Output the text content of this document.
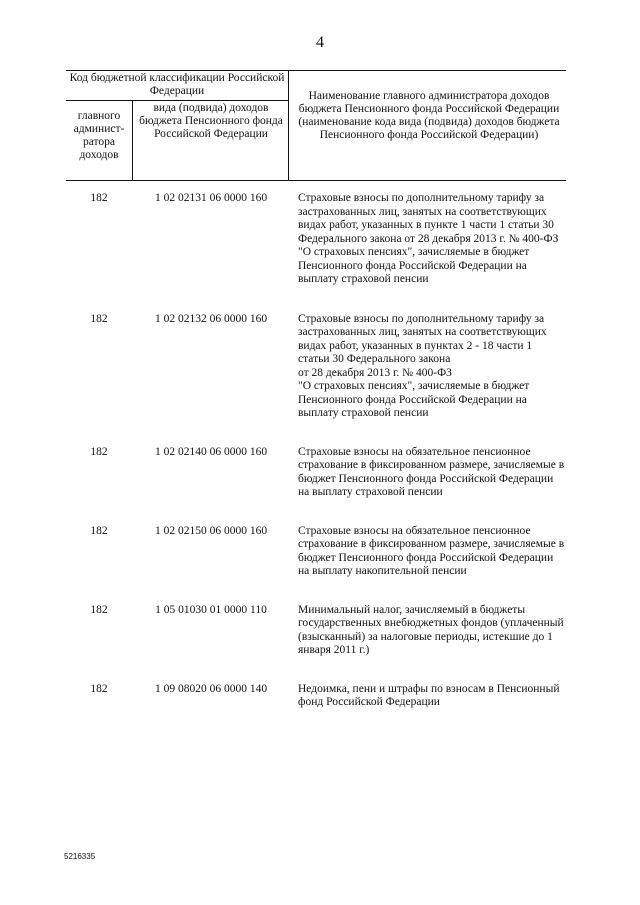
4
Код бюджетной классификации Российской Федерации
главного админист-ратора доходов
вида (подвида) доходов бюджета Пенсионного фонда Российской Федерации
Наименование главного администратора доходов бюджета Пенсионного фонда Российской Федерации (наименование кода вида (подвида) доходов бюджета Пенсионного фонда Российской Федерации)
182	1 02 02131 06 0000 160	Страховые взносы по дополнительному тарифу за застрахованных лиц, занятых на соответствующих видах работ, указанных в пункте 1 части 1 статьи 30 Федерального закона от 28 декабря 2013 г. № 400-ФЗ
"О страховых пенсиях", зачисляемые в бюджет Пенсионного фонда Российской Федерации на выплату страховой пенсии
182	1 02 02132 06 0000 160	Страховые взносы по дополнительному тарифу за застрахованных лиц, занятых на соответствующих видах работ, указанных в пунктах 2 - 18 части 1
статьи 30 Федерального закона
от 28 декабря 2013 г. № 400-ФЗ
"О страховых пенсиях", зачисляемые в бюджет Пенсионного фонда Российской Федерации на выплату страховой пенсии
182	1 02 02140 06 0000 160	Страховые взносы на обязательное пенсионное страхование в фиксированном размере, зачисляемые в бюджет Пенсионного фонда Российской Федерации на выплату страховой пенсии
182	1 02 02150 06 0000 160	Страховые взносы на обязательное пенсионное страхование в фиксированном размере, зачисляемые в бюджет Пенсионного фонда Российской Федерации на выплату накопительной пенсии
182	1 05 01030 01 0000 110	Минимальный налог, зачисляемый в бюджеты государственных внебюджетных фондов (уплаченный (взысканный) за налоговые периоды, истекшие до 1 января 2011 г.)
182	1 09 08020 06 0000 140	Недоимка, пени и штрафы по взносам в Пенсионный фонд Российской Федерации
5216335
